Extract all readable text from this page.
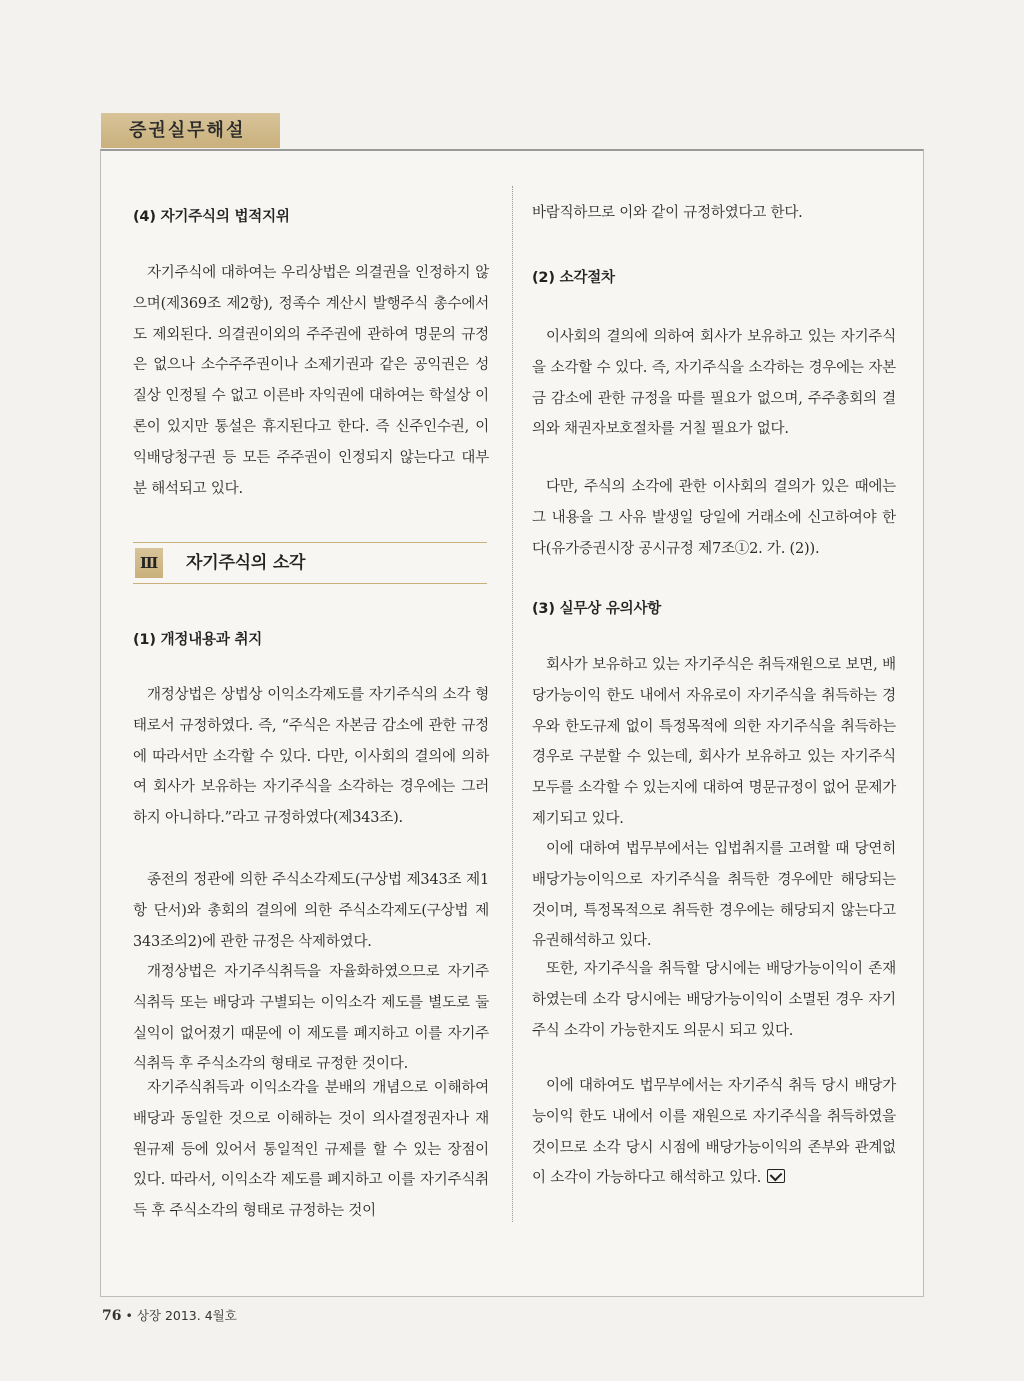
증권실무해설
(4) 자기주식의 법적지위

자기주식에 대하여는 우리상법은 의결권을 인정하지 않으며(제369조 제2항), 정족수 계산시 발행주식 총수에서도 제외된다. 의결권이외의 주주권에 관하여 명문의 규정은 없으나 소수주주권이나 소제기권과 같은 공익권은 성질상 인정될 수 없고 이른바 자익권에 대하여는 학설상 이론이 있지만 통설은 휴지된다고 한다. 즉 신주인수권, 이익배당청구권 등 모든 주주권이 인정되지 않는다고 대부분 해석되고 있다.

Ⅲ 자기주식의 소각
(1) 개정내용과 취지

개정상법은 상법상 이익소각제도를 자기주식의 소각 형태로서 규정하였다. 즉, “주식은 자본금 감소에 관한 규정에 따라서만 소각할 수 있다. 다만, 이사회의 결의에 의하여 회사가 보유하는 자기주식을 소각하는 경우에는 그러하지 아니하다.”라고 규정하였다(제343조).

종전의 정관에 의한 주식소각제도(구상법 제343조 제1항 단서)와 총회의 결의에 의한 주식소각제도(구상법 제343조의2)에 관한 규정은 삭제하였다.

개정상법은 자기주식취득을 자율화하였으므로 자기주식취득 또는 배당과 구별되는 이익소각 제도를 별도로 둘 실익이 없어졌기 때문에 이 제도를 폐지하고 이를 자기주식취득 후 주식소각의 형태로 규정한 것이다.

자기주식취득과 이익소각을 분배의 개념으로 이해하여 배당과 동일한 것으로 이해하는 것이 의사결정권자나 재원규제 등에 있어서 통일적인 규제를 할 수 있는 장점이 있다. 따라서, 이익소각 제도를 폐지하고 이를 자기주식취득 후 주식소각의 형태로 규정하는 것이

바람직하므로 이와 같이 규정하였다고 한다.

(2) 소각절차

이사회의 결의에 의하여 회사가 보유하고 있는 자기주식을 소각할 수 있다. 즉, 자기주식을 소각하는 경우에는 자본금 감소에 관한 규정을 따를 필요가 없으며, 주주총회의 결의와 채권자보호절차를 거칠 필요가 없다.

다만, 주식의 소각에 관한 이사회의 결의가 있은 때에는 그 내용을 그 사유 발생일 당일에 거래소에 신고하여야 한다(유가증권시장 공시규정 제7조①2. 가. (2)).

(3) 실무상 유의사항

회사가 보유하고 있는 자기주식은 취득재원으로 보면, 배당가능이익 한도 내에서 자유로이 자기주식을 취득하는 경우와 한도규제 없이 특정목적에 의한 자기주식을 취득하는 경우로 구분할 수 있는데, 회사가 보유하고 있는 자기주식 모두를 소각할 수 있는지에 대하여 명문규정이 없어 문제가 제기되고 있다.

이에 대하여 법무부에서는 입법취지를 고려할 때 당연히 배당가능이익으로 자기주식을 취득한 경우에만 해당되는 것이며, 특정목적으로 취득한 경우에는 해당되지 않는다고 유권해석하고 있다.

또한, 자기주식을 취득할 당시에는 배당가능이익이 존재하였는데 소각 당시에는 배당가능이익이 소멸된 경우 자기주식 소각이 가능한지도 의문시 되고 있다.

이에 대하여도 법무부에서는 자기주식 취득 당시 배당가능이익 한도 내에서 이를 재원으로 자기주식을 취득하였을 것이므로 소각 당시 시점에 배당가능이익의 존부와 관계없이 소각이 가능하다고 해석하고 있다.

76 • 상장 2013. 4월호
